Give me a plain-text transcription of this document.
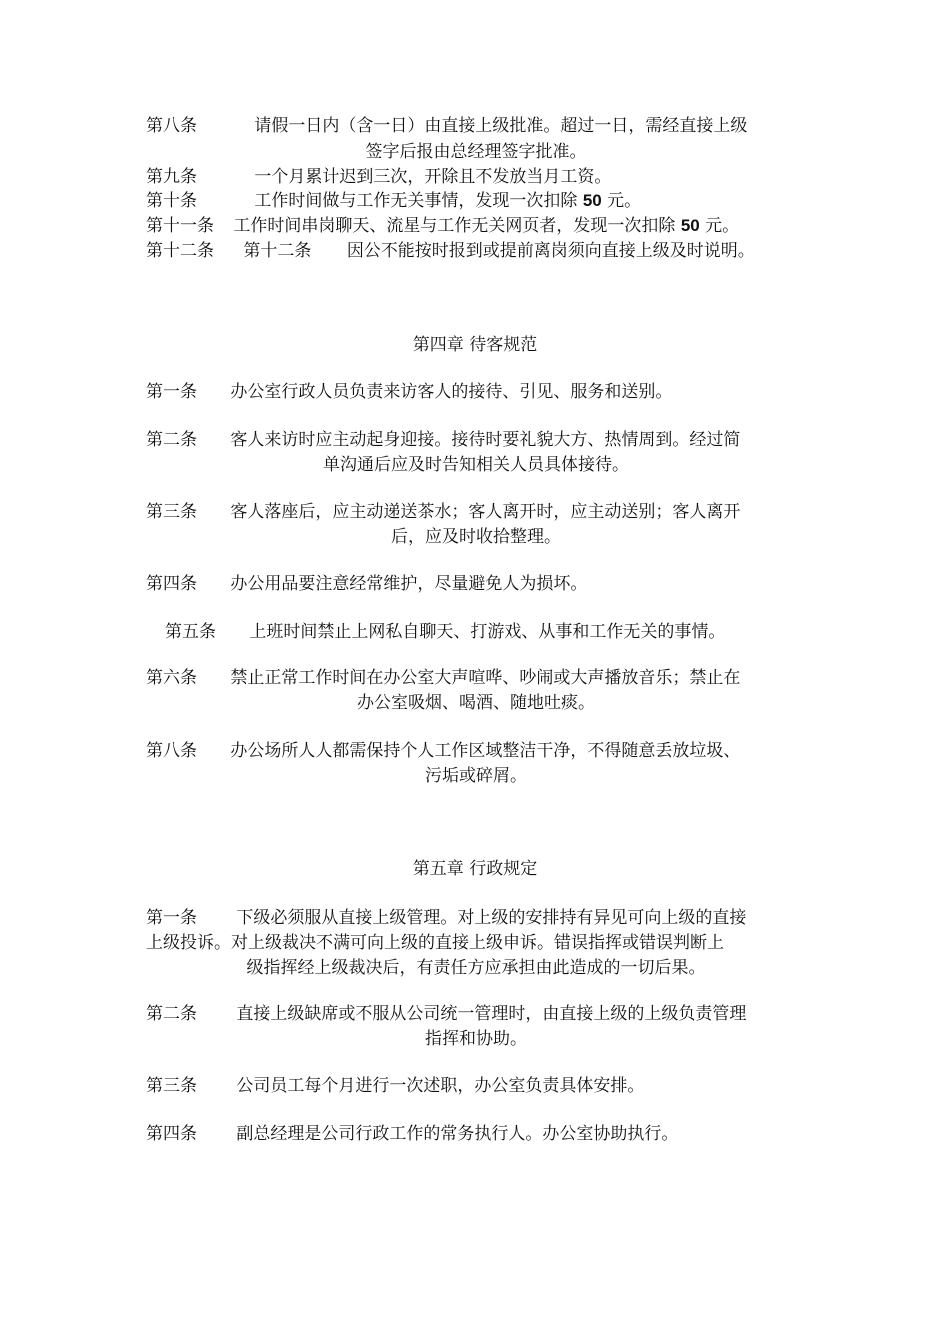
第八条	请假一日内（含一日）由直接上级批准。超过一日，需经直接上级
签字后报由总经理签字批准。
第九条	一个月累计迟到三次，开除且不发放当月工资。
第十条	工作时间做与工作无关事情，发现一次扣除 50 元。
第十一条 工作时间串岗聊天、流星与工作无关网页者，发现一次扣除 50 元。
第十二条 第十二条 因公不能按时报到或提前离岗须向直接上级及时说明。
第四章 待客规范
第一条 办公室行政人员负责来访客人的接待、引见、服务和送别。
第二条 客人来访时应主动起身迎接。接待时要礼貌大方、热情周到。经过简
单沟通后应及时告知相关人员具体接待。
第三条 客人落座后，应主动递送茶水；客人离开时，应主动送别；客人离开
后，应及时收拾整理。
第四条 办公用品要注意经常维护，尽量避免人为损坏。
第五条 上班时间禁止上网私自聊天、打游戏、从事和工作无关的事情。
第六条 禁止正常工作时间在办公室大声喧哗、吵闹或大声播放音乐；禁止在
办公室吸烟、喝酒、随地吐痰。
第八条 办公场所人人都需保持个人工作区域整洁干净，不得随意丢放垃圾、
污垢或碎屑。
第五章 行政规定
第一条 下级必须服从直接上级管理。对上级的安排持有异见可向上级的直接
上级投诉。对上级裁决不满可向上级的直接上级申诉。错误指挥或错误判断上
级指挥经上级裁决后，有责任方应承担由此造成的一切后果。
第二条 直接上级缺席或不服从公司统一管理时，由直接上级的上级负责管理
指挥和协助。
第三条 公司员工每个月进行一次述职，办公室负责具体安排。
第四条 副总经理是公司行政工作的常务执行人。办公室协助执行。
